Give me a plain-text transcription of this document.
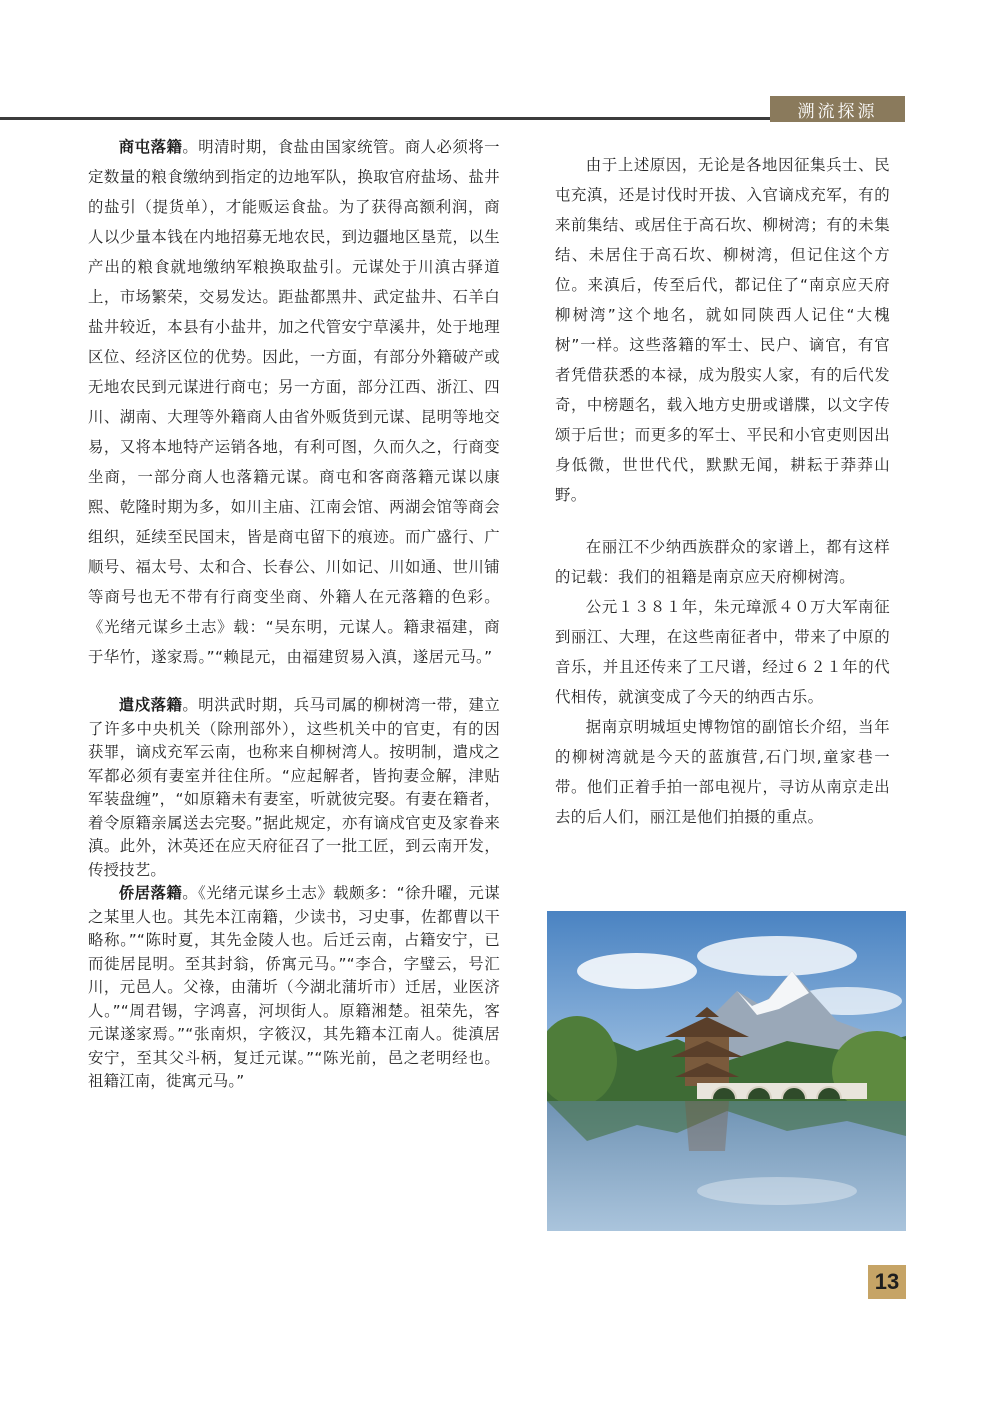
溯流探源

商屯落籍。明清时期，食盐由国家统管。商人必须将一定数量的粮食缴纳到指定的边地军队，换取官府盐场、盐井的盐引（提货单），才能贩运食盐。为了获得高额利润，商人以少量本钱在内地招募无地农民，到边疆地区垦荒，以生产出的粮食就地缴纳军粮换取盐引。元谋处于川滇古驿道上，市场繁荣，交易发达。距盐都黑井、武定盐井、石羊白盐井较近，本县有小盐井，加之代管安宁草溪井，处于地理区位、经济区位的优势。因此，一方面，有部分外籍破产或无地农民到元谋进行商屯；另一方面，部分江西、浙江、四川、湖南、大理等外籍商人由省外贩货到元谋、昆明等地交易，又将本地特产运销各地，有利可图，久而久之，行商变坐商，一部分商人也落籍元谋。商屯和客商落籍元谋以康熙、乾隆时期为多，如川主庙、江南会馆、两湖会馆等商会组织，延续至民国末，皆是商屯留下的痕迹。而广盛行、广顺号、福太号、太和合、长春公、川如记、川如通、世川铺等商号也无不带有行商变坐商、外籍人在元落籍的色彩。《光绪元谋乡土志》载：“吴东明，元谋人。籍隶福建，商于华竹，遂家焉。”“赖昆元，由福建贸易入滇，遂居元马。”

遣戍落籍。明洪武时期，兵马司属的柳树湾一带，建立了许多中央机关（除刑部外），这些机关中的官吏，有的因获罪，谪戍充军云南，也称来自柳树湾人。按明制，遣戍之军都必须有妻室并往住所。“应起解者，皆拘妻佥解，津贴军装盘缠”，“如原籍未有妻室，听就彼完娶。有妻在籍者，着令原籍亲属送去完娶。”据此规定，亦有谪戍官吏及家眷来滇。此外，沐英还在应天府征召了一批工匠，到云南开发，传授技艺。

侨居落籍。《光绪元谋乡土志》载颇多：“徐升曜，元谋之某里人也。其先本江南籍，少读书，习史事，佐都曹以干略称。”“陈时夏，其先金陵人也。后迁云南，占籍安宁，已而徙居昆明。至其封翁，侨寓元马。”“李合，字璧云，号汇川，元邑人。父祿，由蒲圻（今湖北蒲圻市）迁居，业医济人。”“周君锡，字鸿喜，河坝街人。原籍湘楚。祖荣先，客元谋遂家焉。”“张南炽，字筱汉，其先籍本江南人。徙滇居安宁，至其父斗柄，复迁元谋。”“陈光前，邑之老明经也。祖籍江南，徙寓元马。”

由于上述原因，无论是各地因征集兵士、民屯充滇，还是讨伐时开拔、入官谪戍充军，有的来前集结、或居住于高石坎、柳树湾；有的未集结、未居住于高石坎、柳树湾，但记住这个方位。来滇后，传至后代，都记住了“南京应天府柳树湾”这个地名，就如同陕西人记住“大槐树”一样。这些落籍的军士、民户、谪官，有官者凭借获悉的本禄，成为殷实人家，有的后代发奇，中榜题名，载入地方史册或谱牒，以文字传颂于后世；而更多的军士、平民和小官吏则因出身低微，世世代代，默默无闻，耕耘于莽莽山野。

在丽江不少纳西族群众的家谱上，都有这样的记载：我们的祖籍是南京应天府柳树湾。

公元１３８１年，朱元璋派４０万大军南征到丽江、大理，在这些南征者中，带来了中原的音乐，并且还传来了工尺谱，经过６２１年的代代相传，就演变成了今天的纳西古乐。

据南京明城垣史博物馆的副馆长介绍，当年的柳树湾就是今天的蓝旗营,石门坝,童家巷一带。他们正着手拍一部电视片，寻访从南京走出去的后人们，丽江是他们拍摄的重点。

13
